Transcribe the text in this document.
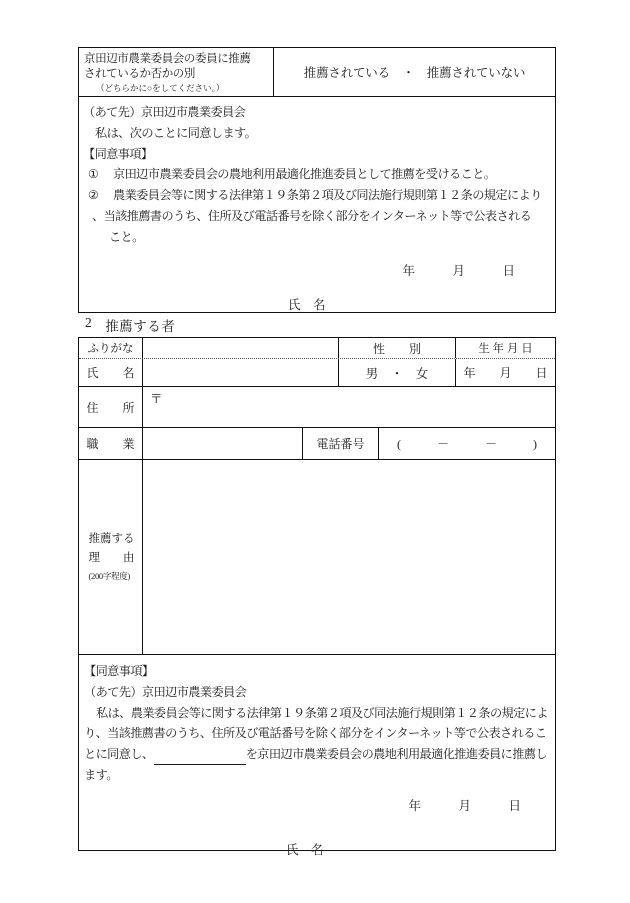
京田辺市農業委員会の委員に推薦
されているか否かの別
（どちらかに○をしてください。）
推薦されている　・　推薦されていない
（あて先）京田辺市農業委員会
私は、次のことに同意します。
【同意事項】
①	京田辺市農業委員会の農地利用最適化推進委員として推薦を受けること。
②	農業委員会等に関する法律第１９条第２項及び同法施行規則第１２条の規定により
、当該推薦書のうち、住所及び電話番号を除く部分をインターネット等で公表される
こと。
年　　　月　　　日
氏　名
2 推薦する者
ふりがな	性　　別	生 年 月 日
氏　　名	男　・　女	年　　月　　日
住　　所
〒
職　　業	電話番号	(　　　－　　　－　　　)
推薦する
理　　由
(200字程度)
【同意事項】
（あて先）京田辺市農業委員会
私は、農業委員会等に関する法律第１９条第２項及び同法施行規則第１２条の規定によ
り、当該推薦書のうち、住所及び電話番号を除く部分をインターネット等で公表されるこ
とに同意し、	を京田辺市農業委員会の農地利用最適化推進委員に推薦し
ます。
年　　　月　　　日
氏　名
